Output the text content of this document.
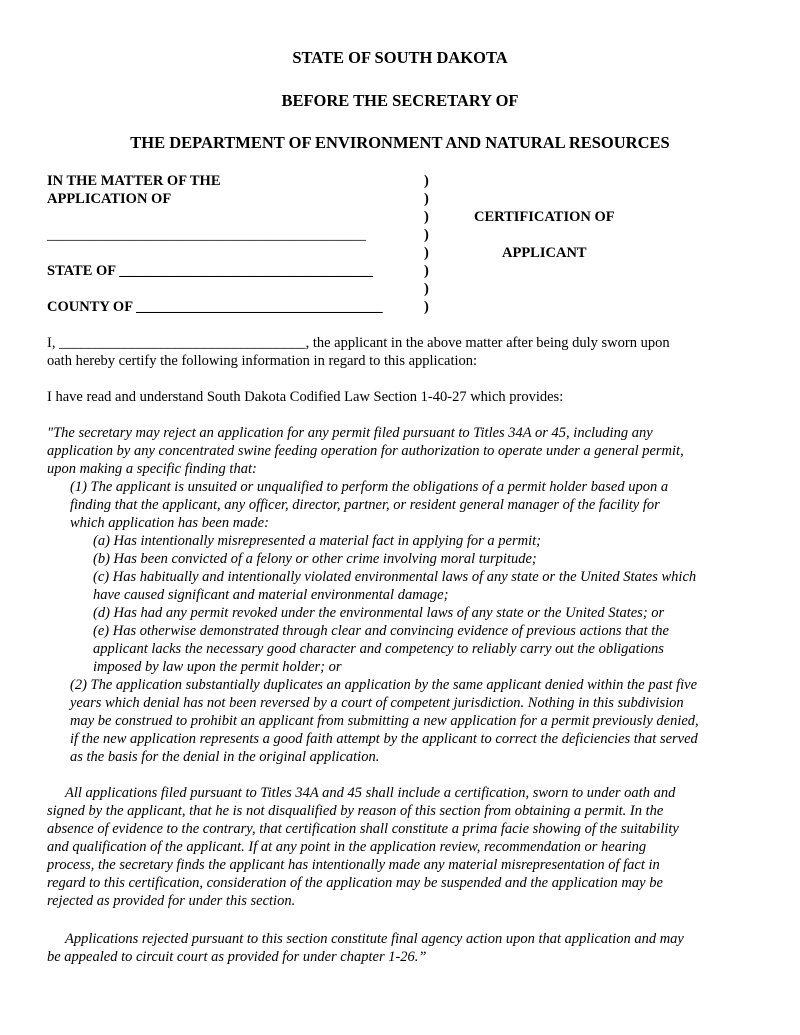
STATE OF SOUTH DAKOTA
BEFORE THE SECRETARY OF
THE DEPARTMENT OF ENVIRONMENT AND NATURAL RESOURCES
IN THE MATTER OF THE
APPLICATION OF
____________________________________________
STATE OF ___________________________________
COUNTY OF __________________________________
)
)
)
)
)
)
)
)
CERTIFICATION OF
APPLICANT
I, __________________________________, the applicant in the above matter after being duly sworn upon
oath hereby certify the following information in regard to this application:
I have read and understand South Dakota Codified Law Section 1-40-27 which provides:
"The secretary may reject an application for any permit filed pursuant to Titles 34A or 45, including any
application by any concentrated swine feeding operation for authorization to operate under a general permit,
upon making a specific finding that:
(1) The applicant is unsuited or unqualified to perform the obligations of a permit holder based upon a
finding that the applicant, any officer, director, partner, or resident general manager of the facility for
which application has been made:
(a) Has intentionally misrepresented a material fact in applying for a permit;
(b) Has been convicted of a felony or other crime involving moral turpitude;
(c) Has habitually and intentionally violated environmental laws of any state or the United States which
have caused significant and material environmental damage;
(d) Has had any permit revoked under the environmental laws of any state or the United States; or
(e) Has otherwise demonstrated through clear and convincing evidence of previous actions that the
applicant lacks the necessary good character and competency to reliably carry out the obligations
imposed by law upon the permit holder; or
(2) The application substantially duplicates an application by the same applicant denied within the past five
years which denial has not been reversed by a court of competent jurisdiction. Nothing in this subdivision
may be construed to prohibit an applicant from submitting a new application for a permit previously denied,
if the new application represents a good faith attempt by the applicant to correct the deficiencies that served
as the basis for the denial in the original application.
All applications filed pursuant to Titles 34A and 45 shall include a certification, sworn to under oath and
signed by the applicant, that he is not disqualified by reason of this section from obtaining a permit. In the
absence of evidence to the contrary, that certification shall constitute a prima facie showing of the suitability
and qualification of the applicant. If at any point in the application review, recommendation or hearing
process, the secretary finds the applicant has intentionally made any material misrepresentation of fact in
regard to this certification, consideration of the application may be suspended and the application may be
rejected as provided for under this section.
Applications rejected pursuant to this section constitute final agency action upon that application and may
be appealed to circuit court as provided for under chapter 1-26.”
